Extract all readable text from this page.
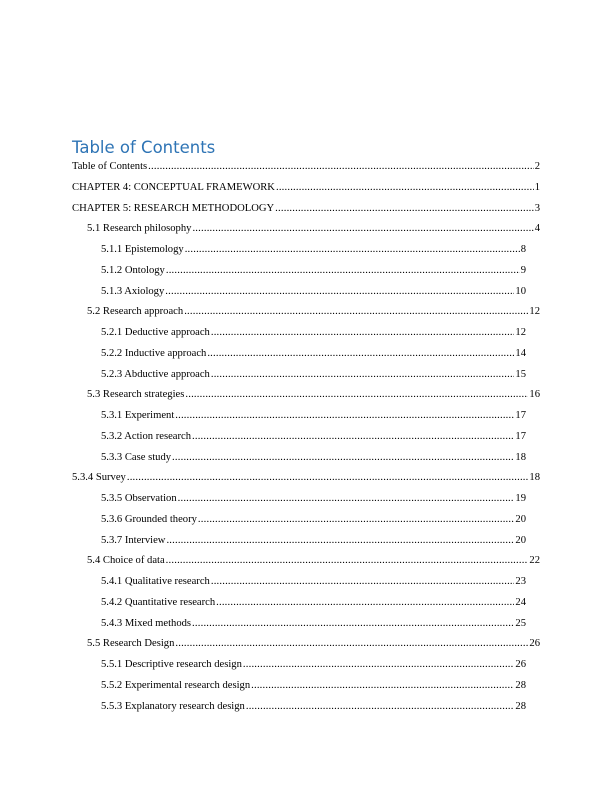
Table of Contents
Table of Contents .....	2
CHAPTER 4: CONCEPTUAL FRAMEWORK .....	1
CHAPTER 5: RESEARCH METHODOLOGY .....	3
5.1 Research philosophy .....	4
5.1.1 Epistemology .....	8
5.1.2 Ontology .....	9
5.1.3 Axiology .....	10
5.2 Research approach .....	12
5.2.1 Deductive approach .....	12
5.2.2 Inductive approach .....	14
5.2.3 Abductive approach .....	15
5.3 Research strategies .....	16
5.3.1 Experiment .....	17
5.3.2 Action research .....	17
5.3.3 Case study .....	18
5.3.4 Survey .....	18
5.3.5 Observation .....	19
5.3.6 Grounded theory .....	20
5.3.7 Interview .....	20
5.4 Choice of data .....	22
5.4.1 Qualitative research .....	23
5.4.2 Quantitative research .....	24
5.4.3 Mixed methods .....	25
5.5 Research Design .....	26
5.5.1 Descriptive research design .....	26
5.5.2 Experimental research design .....	28
5.5.3 Explanatory research design .....	28
